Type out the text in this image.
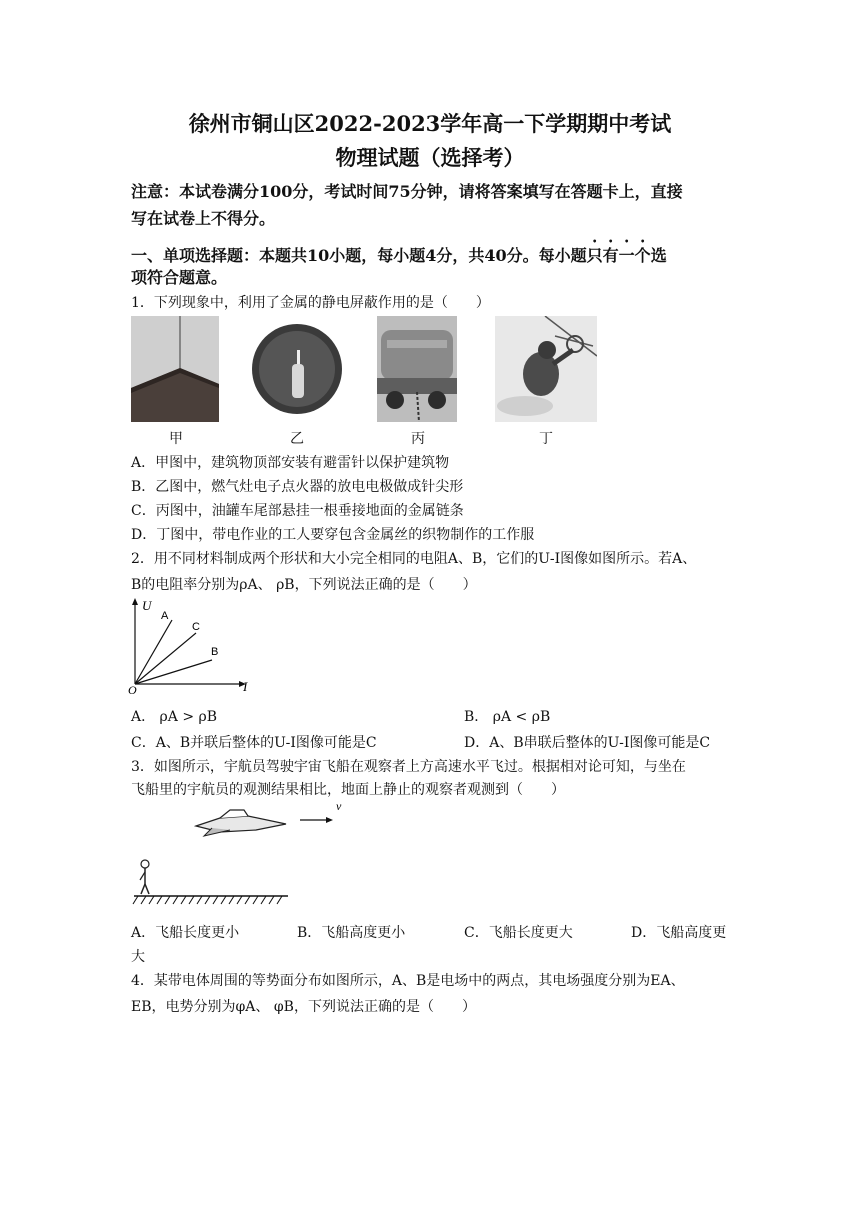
徐州市铜山区2022-2023学年高一下学期期中考试
物理试题（选择考）
注意：本试卷满分100分，考试时间75分钟，请将答案填写在答题卡上，直接
写在试卷上不得分。
一、单项选择题：本题共10小题，每小题4分，共40分。每小题只有一个选
项符合题意。
1．下列现象中，利用了金属的静电屏蔽作用的是（　　）
甲	乙	丙	丁
A．甲图中，建筑物顶部安装有避雷针以保护建筑物
B．乙图中，燃气灶电子点火器的放电电极做成针尖形
C．丙图中，油罐车尾部悬挂一根垂接地面的金属链条
D．丁图中，带电作业的工人要穿包含金属丝的织物制作的工作服
2．用不同材料制成两个形状和大小完全相同的电阻A、B，它们的U-I图像如图所示。若A、
B的电阻率分别为ρA、 ρB，下列说法正确的是（　　）
U
I
O
A
C
B
A． ρA > ρB	B． ρA < ρB
C．A、B并联后整体的U-I图像可能是C	D．A、B串联后整体的U-I图像可能是C
3．如图所示，宇航员驾驶宇宙飞船在观察者上方高速水平飞过。根据相对论可知，与坐在
飞船里的宇航员的观测结果相比，地面上静止的观察者观测到（　　）
v
A．飞船长度更小	B．飞船高度更小	C．飞船长度更大	D．飞船高度更
大
4．某带电体周围的等势面分布如图所示，A、B是电场中的两点，其电场强度分别为EA、
EB，电势分别为φA、 φB，下列说法正确的是（　　）
